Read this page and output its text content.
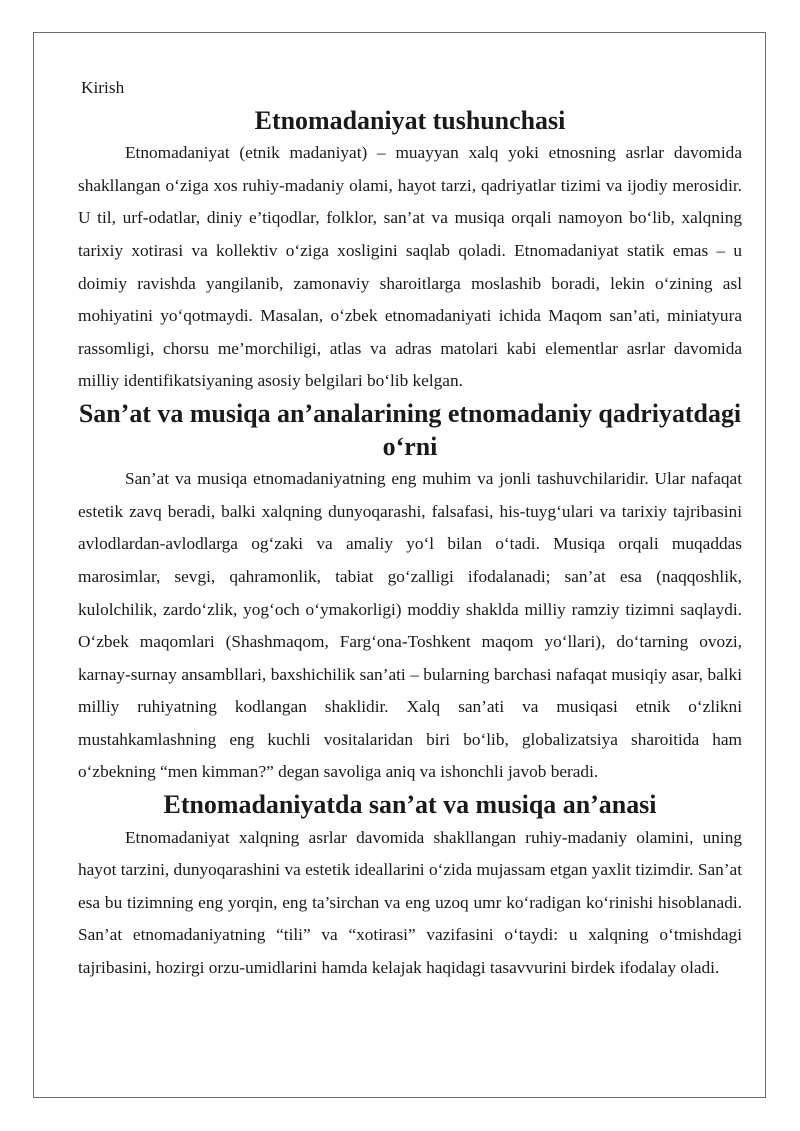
Kirish

Etnomadaniyat tushunchasi

Etnomadaniyat (etnik madaniyat) – muayyan xalq yoki etnosning asrlar davomida shakllangan o‘ziga xos ruhiy-madaniy olami, hayot tarzi, qadriyatlar tizimi va ijodiy merosidir. U til, urf-odatlar, diniy e’tiqodlar, folklor, san’at va musiqa orqali namoyon bo‘lib, xalqning tarixiy xotirasi va kollektiv o‘ziga xosligini saqlab qoladi. Etnomadaniyat statik emas – u doimiy ravishda yangilanib, zamonaviy sharoitlarga moslashib boradi, lekin o‘zining asl mohiyatini yo‘qotmaydi. Masalan, o‘zbek etnomadaniyati ichida Maqom san’ati, miniatyura rassomligi, chorsu me’morchiligi, atlas va adras matolari kabi elementlar asrlar davomida milliy identifikatsiyaning asosiy belgilari bo‘lib kelgan.

San’at va musiqa an’analarining etnomadaniy qadriyatdagi o‘rni

San’at va musiqa etnomadaniyatning eng muhim va jonli tashuvchilaridir. Ular nafaqat estetik zavq beradi, balki xalqning dunyoqarashi, falsafasi, his-tuyg‘ulari va tarixiy tajribasini avlodlardan-avlodlarga og‘zaki va amaliy yo‘l bilan o‘tadi. Musiqa orqali muqaddas marosimlar, sevgi, qahramonlik, tabiat go‘zalligi ifodalanadi; san’at esa (naqqoshlik, kulolchilik, zardo‘zlik, yog‘och o‘ymakorligi) moddiy shaklda milliy ramziy tizimni saqlaydi. O‘zbek maqomlari (Shashmaqom, Farg‘ona-Toshkent maqom yo‘llari), do‘tarning ovozi, karnay-surnay ansambllari, baxshichilik san’ati – bularning barchasi nafaqat musiqiy asar, balki milliy ruhiyatning kodlangan shaklidir. Xalq san’ati va musiqasi etnik o‘zlikni mustahkamlashning eng kuchli vositalaridan biri bo‘lib, globalizatsiya sharoitida ham o‘zbekning “men kimman?” degan savoliga aniq va ishonchli javob beradi.

Etnomadaniyatda san’at va musiqa an’anasi

Etnomadaniyat xalqning asrlar davomida shakllangan ruhiy-madaniy olamini, uning hayot tarzini, dunyoqarashini va estetik ideallarini o‘zida mujassam etgan yaxlit tizimdir. San’at esa bu tizimning eng yorqin, eng ta’sirchan va eng uzoq umr ko‘radigan ko‘rinishi hisoblanadi. San’at etnomadaniyatning “tili” va “xotirasi” vazifasini o‘taydi: u xalqning o‘tmishdagi tajribasini, hozirgi orzu-umidlarini hamda kelajak haqidagi tasavvurini birdek ifodalay oladi.
